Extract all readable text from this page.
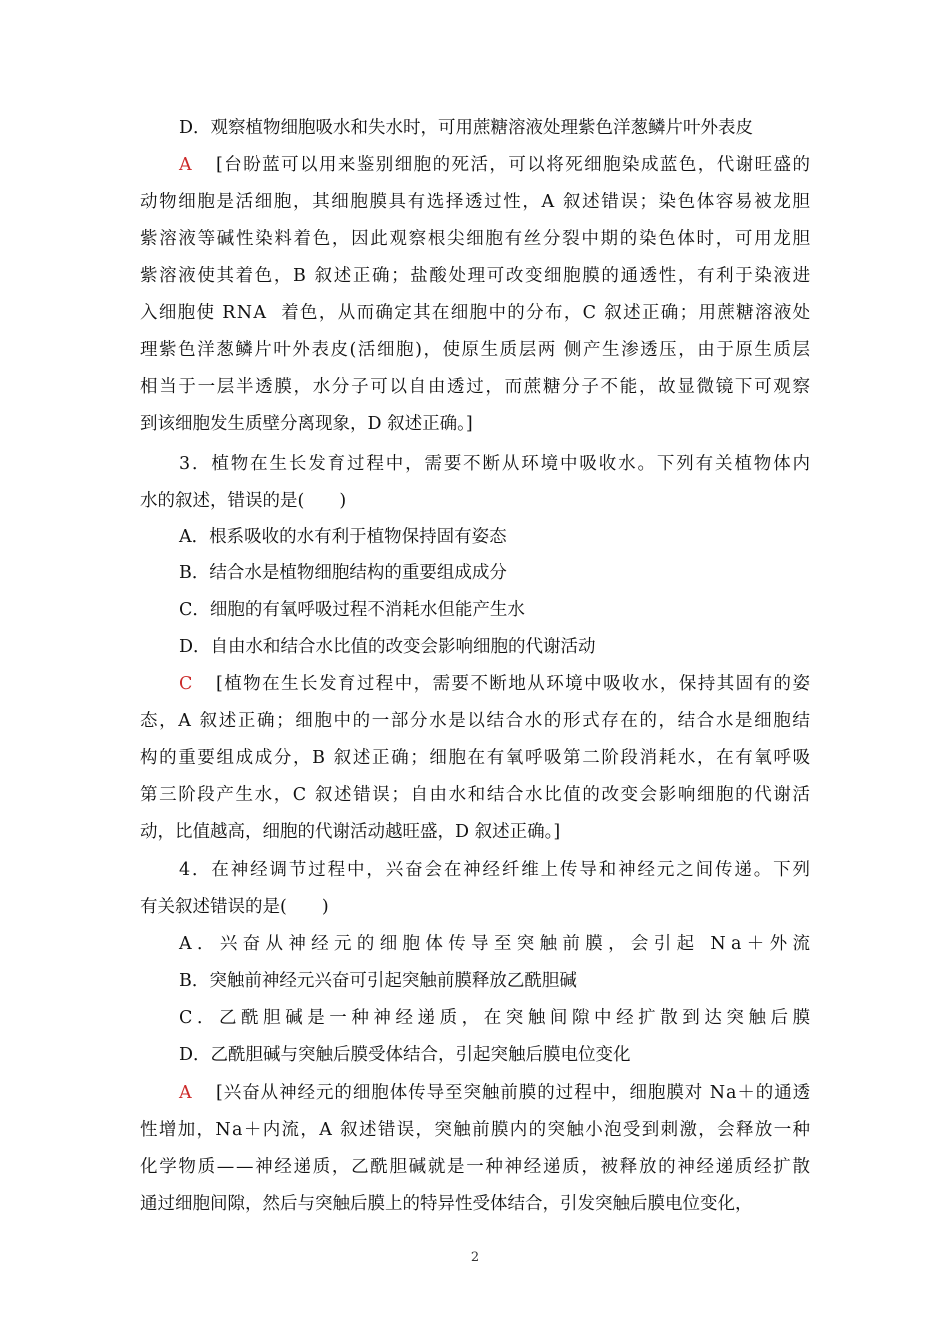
2
D．观察植物细胞吸水和失水时，可用蔗糖溶液处理紫色洋葱鳞片叶外表皮
A [台盼蓝可以用来鉴别细胞的死活，可以将死细胞染成蓝色，代谢旺盛的
动物细胞是活细胞，其细胞膜具有选择透过性，A 叙述错误；染色体容易被龙胆
紫溶液等碱性染料着色，因此观察根尖细胞有丝分裂中期的染色体时，可用龙胆
紫溶液使其着色，B 叙述正确；盐酸处理可改变细胞膜的通透性，有利于染液进
入细胞使 RNA  着色，从而确定其在细胞中的分布，C 叙述正确；用蔗糖溶液处
理紫色洋葱鳞片叶外表皮(活细胞)，使原生质层两 侧产生渗透压，由于原生质层
相当于一层半透膜，水分子可以自由透过，而蔗糖分子不能，故显微镜下可观察
到该细胞发生质壁分离现象，D 叙述正确。]
3．植物在生长发育过程中，需要不断从环境中吸收水。下列有关植物体内
水的叙述，错误的是(　　)
A．根系吸收的水有利于植物保持固有姿态
B．结合水是植物细胞结构的重要组成成分
C．细胞的有氧呼吸过程不消耗水但能产生水
D．自由水和结合水比值的改变会影响细胞的代谢活动
C [植物在生长发育过程中，需要不断地从环境中吸收水，保持其固有的姿
态，A 叙述正确；细胞中的一部分水是以结合水的形式存在的，结合水是细胞结
构的重要组成成分，B 叙述正确；细胞在有氧呼吸第二阶段消耗水，在有氧呼吸
第三阶段产生水，C 叙述错误；自由水和结合水比值的改变会影响细胞的代谢活
动，比值越高，细胞的代谢活动越旺盛，D 叙述正确。]
4．在神经调节过程中，兴奋会在神经纤维上传导和神经元之间传递。下列
有关叙述错误的是(　　)
A．兴奋从神经元的细胞体传导至突触前膜，会引起 Na＋外流
B．突触前神经元兴奋可引起突触前膜释放乙酰胆碱
C．乙酰胆碱是一种神经递质，在突触间隙中经扩散到达突触后膜
D．乙酰胆碱与突触后膜受体结合，引起突触后膜电位变化
A [兴奋从神经元的细胞体传导至突触前膜的过程中，细胞膜对 Na＋的通透
性增加，Na＋内流，A 叙述错误，突触前膜内的突触小泡受到刺激，会释放一种
化学物质——神经递质，乙酰胆碱就是一种神经递质，被释放的神经递质经扩散
通过细胞间隙，然后与突触后膜上的特异性受体结合，引发突触后膜电位变化，
